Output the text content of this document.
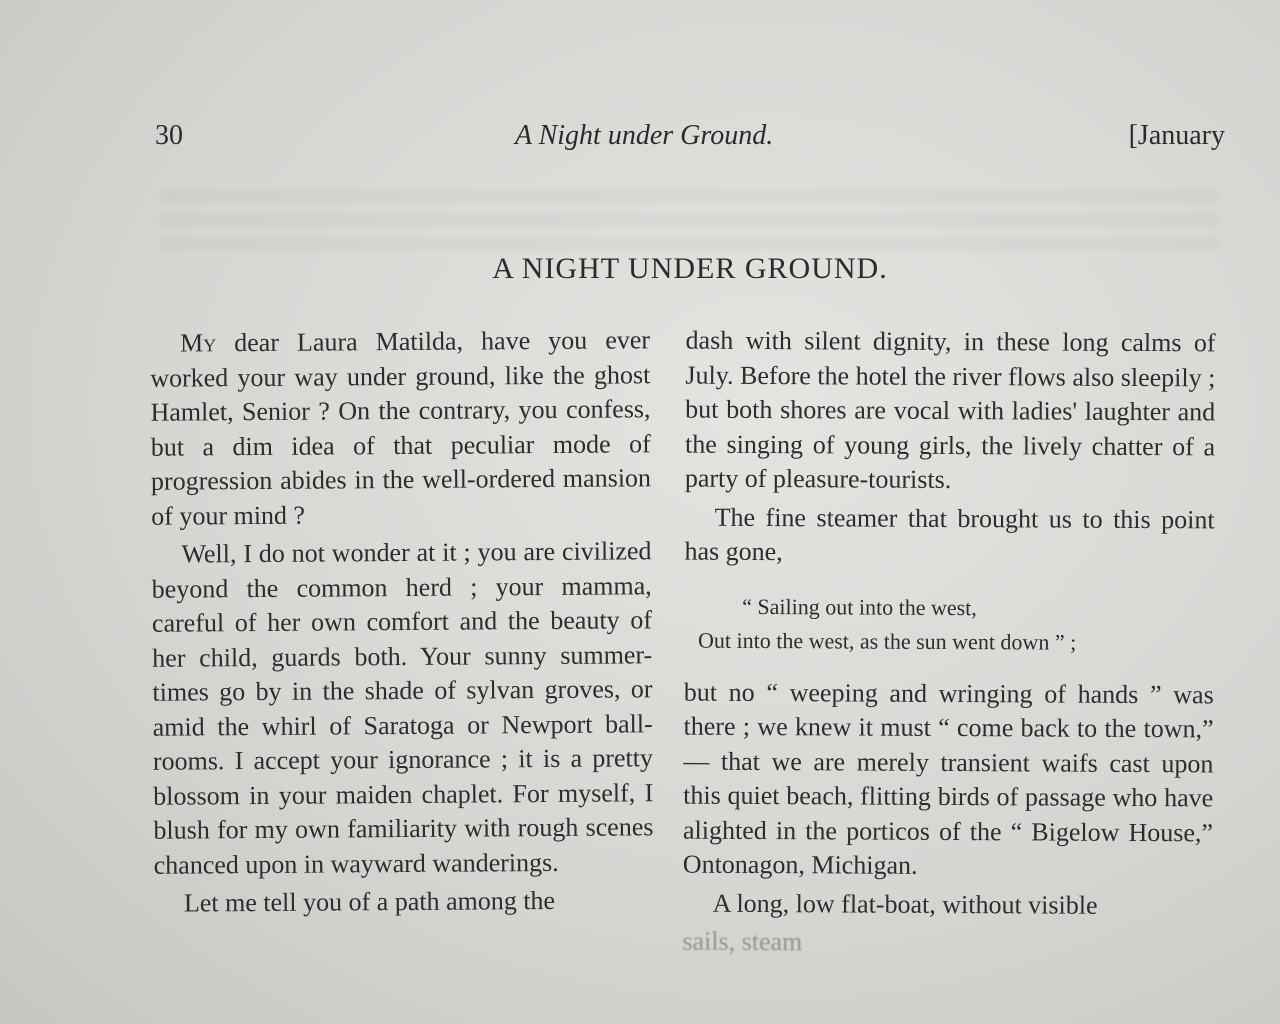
30	A Night under Ground.	[January
A NIGHT UNDER GROUND.

My dear Laura Matilda, have you ever worked your way under ground, like the ghost Hamlet, Senior ? On the contrary, you confess, but a dim idea of that peculiar mode of progression abides in the well-ordered mansion of your mind ?

Well, I do not wonder at it ; you are civilized beyond the common herd ; your mamma, careful of her own comfort and the beauty of her child, guards both. Your sunny summer-times go by in the shade of sylvan groves, or amid the whirl of Saratoga or Newport ball-rooms. I accept your ignorance ; it is a pretty blossom in your maiden chaplet. For myself, I blush for my own familiarity with rough scenes chanced upon in wayward wanderings.

Let me tell you of a path among the

dash with silent dignity, in these long calms of July. Before the hotel the river flows also sleepily ; but both shores are vocal with ladies' laughter and the singing of young girls, the lively chatter of a party of pleasure-tourists.

The fine steamer that brought us to this point has gone,

“ Sailing out into the west,
Out into the west, as the sun went down ” ;

but no “ weeping and wringing of hands ” was there ; we knew it must “ come back to the town,” — that we are merely transient waifs cast upon this quiet beach, flitting birds of passage who have alighted in the porticos of the “ Bigelow House,” Ontonagon, Michigan.

A long, low flat-boat, without visible

sails, steam
